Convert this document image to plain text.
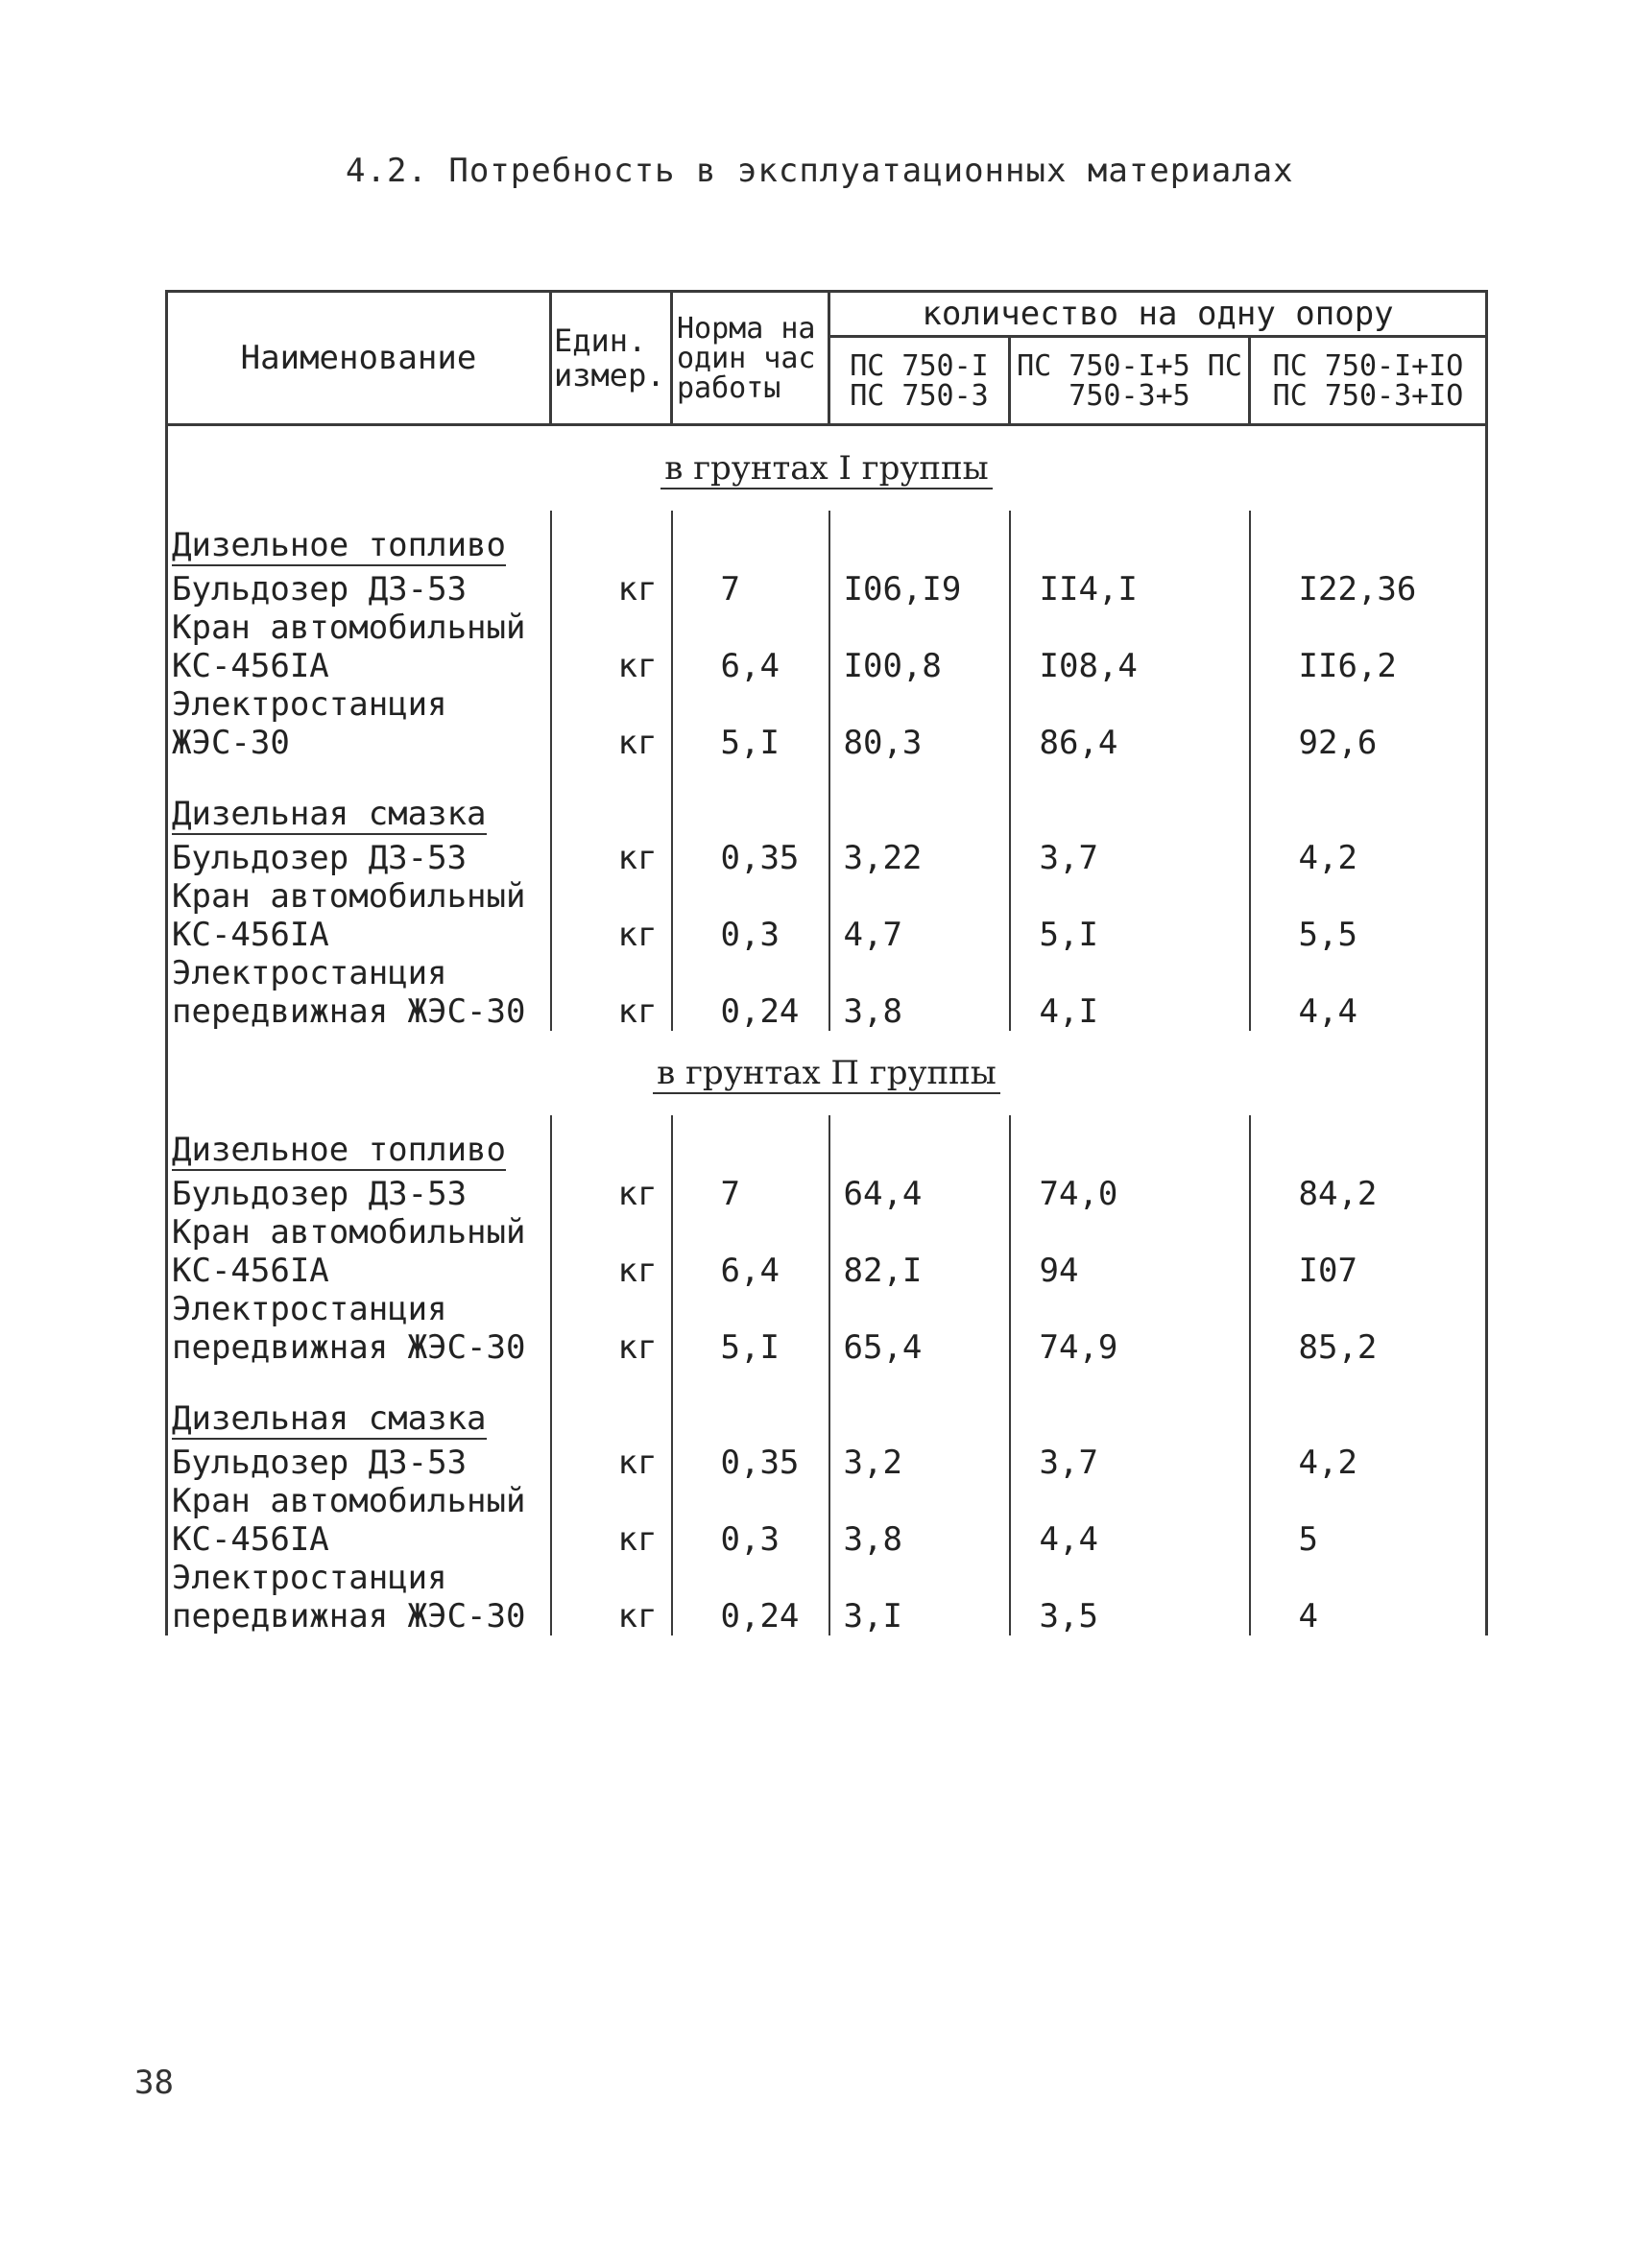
4.2. Потребность в эксплуатационных материалах
Наименование	Един. измер.	Норма на один час работы	количество на одну опору		

			ПС 750-I ПС 750-3	ПС 750-I+5 ПС 750-3+5	ПС 750-I+IO ПС 750-3+IO

в грунтах I группы					
Дизельное топливо					
Бульдозер ДЗ-53	кг	7	I06,I9	II4,I	I22,36
Кран автомобильный КС-456IA	кг	6,4	I00,8	I08,4	II6,2
Электростанция ЖЭС-30	кг	5,I	80,3	86,4	92,6
Дизельная смазка					
Бульдозер ДЗ-53	кг	0,35	3,22	3,7	4,2
Кран автомобильный КС-456IA	кг	0,3	4,7	5,I	5,5
Электростанция передвижная ЖЭС-30	кг	0,24	3,8	4,I	4,4
в грунтах П группы					
Дизельное топливо					
Бульдозер ДЗ-53	кг	7	64,4	74,0	84,2
Кран автомобильный КС-456IA	кг	6,4	82,I	94	I07
Электростанция передвижная ЖЭС-30	кг	5,I	65,4	74,9	85,2
Дизельная смазка					
Бульдозер ДЗ-53	кг	0,35	3,2	3,7	4,2
Кран автомобильный КС-456IA	кг	0,3	3,8	4,4	5
Электростанция передвижная ЖЭС-30	кг	0,24	3,I	3,5	4
38
